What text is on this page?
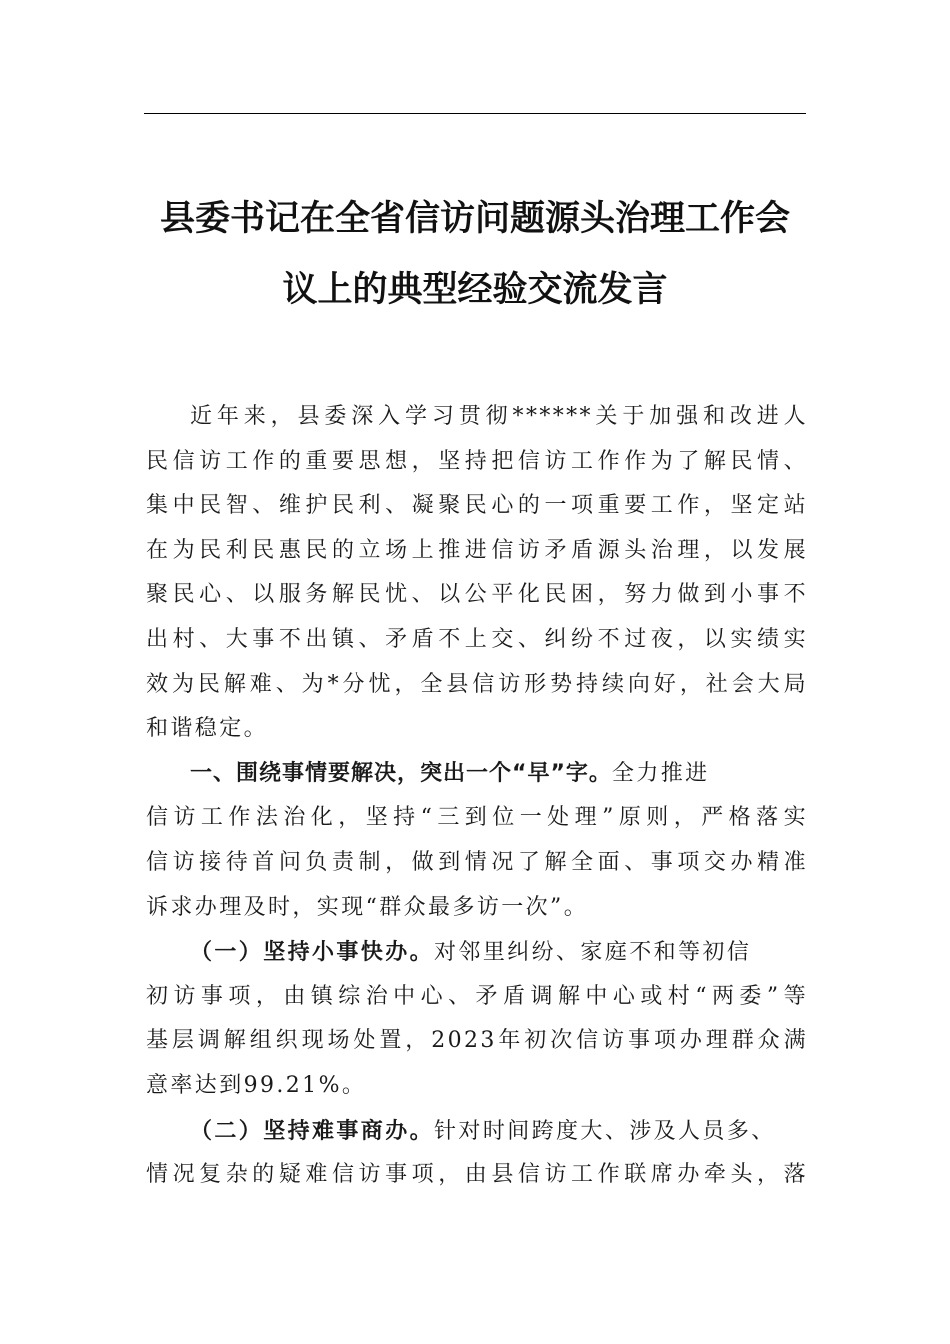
县委书记在全省信访问题源头治理工作会
议上的典型经验交流发言
近年来，县委深入学习贯彻******关于加强和改进人
民信访工作的重要思想，坚持把信访工作作为了解民情、
集中民智、维护民利、凝聚民心的一项重要工作，坚定站
在为民利民惠民的立场上推进信访矛盾源头治理，以发展
聚民心、以服务解民忧、以公平化民困，努力做到小事不
出村、大事不出镇、矛盾不上交、纠纷不过夜，以实绩实
效为民解难、为*分忧，全县信访形势持续向好，社会大局
和谐稳定。
一、围绕事情要解决，突出一个“早”字。全力推进
信访工作法治化，坚持“三到位一处理”原则，严格落实
信访接待首问负责制，做到情况了解全面、事项交办精准
诉求办理及时，实现“群众最多访一次”。
（一）坚持小事快办。对邻里纠纷、家庭不和等初信
初访事项，由镇综治中心、矛盾调解中心或村“两委”等
基层调解组织现场处置，2023年初次信访事项办理群众满
意率达到99.21%。
（二）坚持难事商办。针对时间跨度大、涉及人员多、
情况复杂的疑难信访事项，由县信访工作联席办牵头，落
